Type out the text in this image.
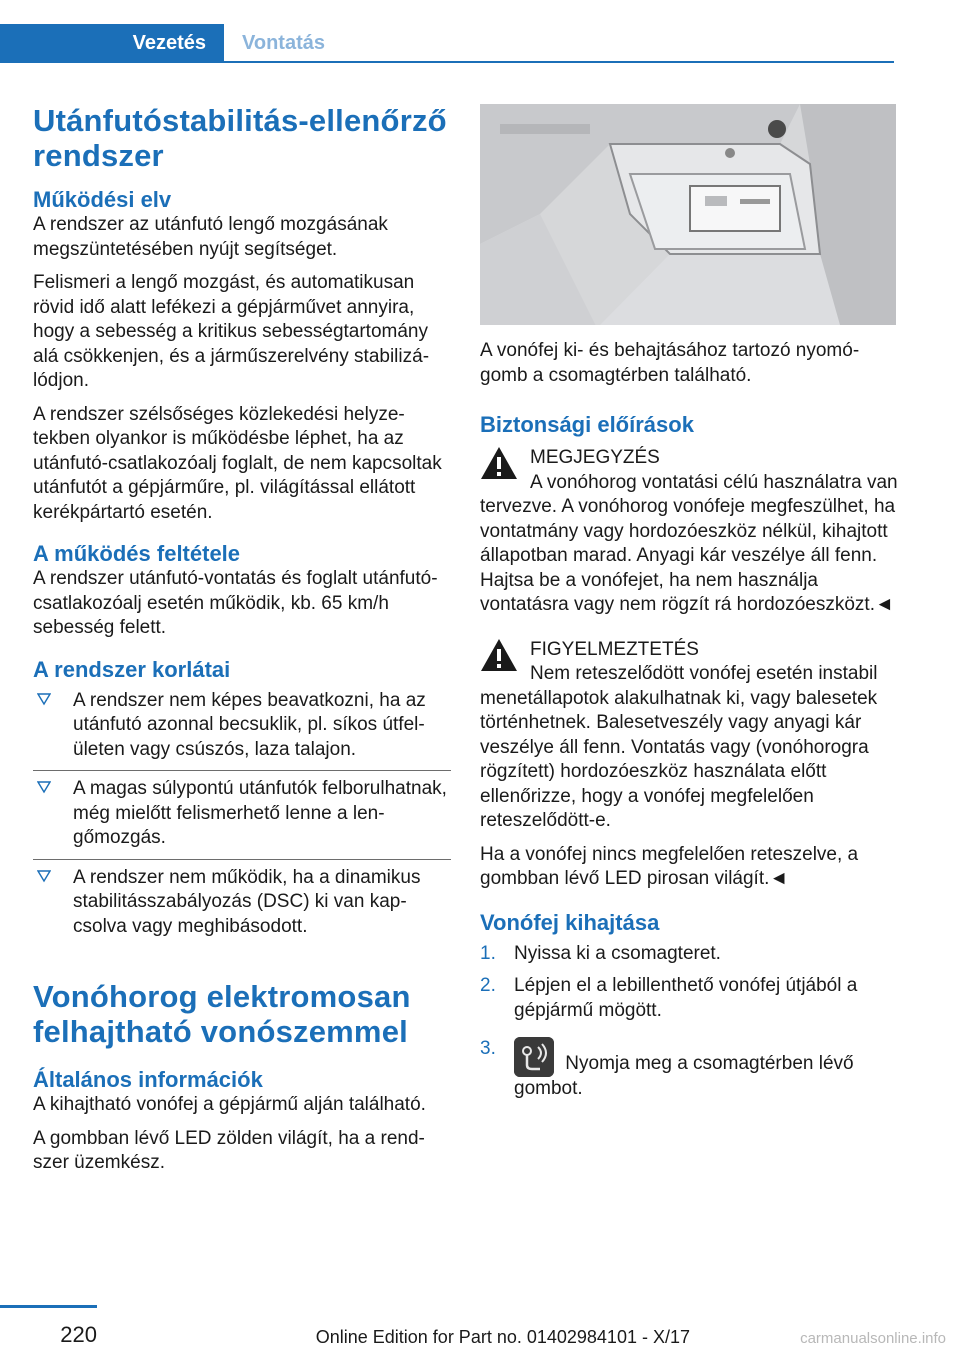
Vezetés	Vontatás
Utánfutóstabilitás-ellenőrző rendszer
Működési elv

A rendszer az utánfutó lengő mozgásának megszüntetésében nyújt segítséget.

Felismeri a lengő mozgást, és automatikusan rövid idő alatt lefékezi a gépjárművet annyira, hogy a sebesség a kritikus sebességtartomány alá csökkenjen, és a járműszerelvény stabilizálódjon.

A rendszer szélsőséges közlekedési helyzetekben olyankor is működésbe léphet, ha az utánfutó-csatlakozóalj foglalt, de nem kapcsoltak utánfutót a gépjárműre, pl. világítással ellátott kerékpártartó esetén.

A működés feltétele

A rendszer utánfutó-vontatás és foglalt utánfutó-csatlakozóalj esetén működik, kb. 65 km/h sebesség felett.

A rendszer korlátai
A rendszer nem képes beavatkozni, ha az utánfutó azonnal becsuklik, pl. síkos útfelületen vagy csúszós, laza talajon.
A magas súlypontú utánfutók felborulhatnak, még mielőtt felismerhető lenne a lengőmozgás.
A rendszer nem működik, ha a dinamikus stabilitásszabályozás (DSC) ki van kapcsolva vagy meghibásodott.
Vonóhorog elektromosan felhajtható vonószemmel
Általános információk

A kihajtható vonófej a gépjármű alján található.

A gombban lévő LED zölden világít, ha a rendszer üzemkész.

A vonófej ki- és behajtásához tartozó nyomógomb a csomagtérben található.

Biztonsági előírások
MEGJEGYZÉS
A vonóhorog vontatási célú használatra van tervezve. A vonóhorog vonófeje megfeszülhet, ha vontatmány vagy hordozóeszköz nélkül, kihajtott állapotban marad. Anyagi kár veszélye áll fenn. Hajtsa be a vonófejet, ha nem használja vontatásra vagy nem rögzít rá hordozóeszközt.◄
FIGYELMEZTETÉS
Nem reteszelődött vonófej esetén instabil menetállapotok alakulhatnak ki, vagy balesetek történhetnek. Balesetveszély vagy anyagi kár veszélye áll fenn. Vontatás vagy (vonóhorogra rögzített) hordozóeszköz használata előtt ellenőrizze, hogy a vonófej megfelelően reteszelődött-e.

Ha a vonófej nincs megfelelően reteszelve, a gombban lévő LED pirosan világít.◄

Vonófej kihajtása
1. Nyissa ki a csomagteret.
2. Lépjen el a lebillenthető vonófej útjából a gépjármű mögött.
3.
Nyomja meg a csomagtérben lévő gombot.
220	Online Edition for Part no. 01402984101 - X/17	carmanualsonline.info
